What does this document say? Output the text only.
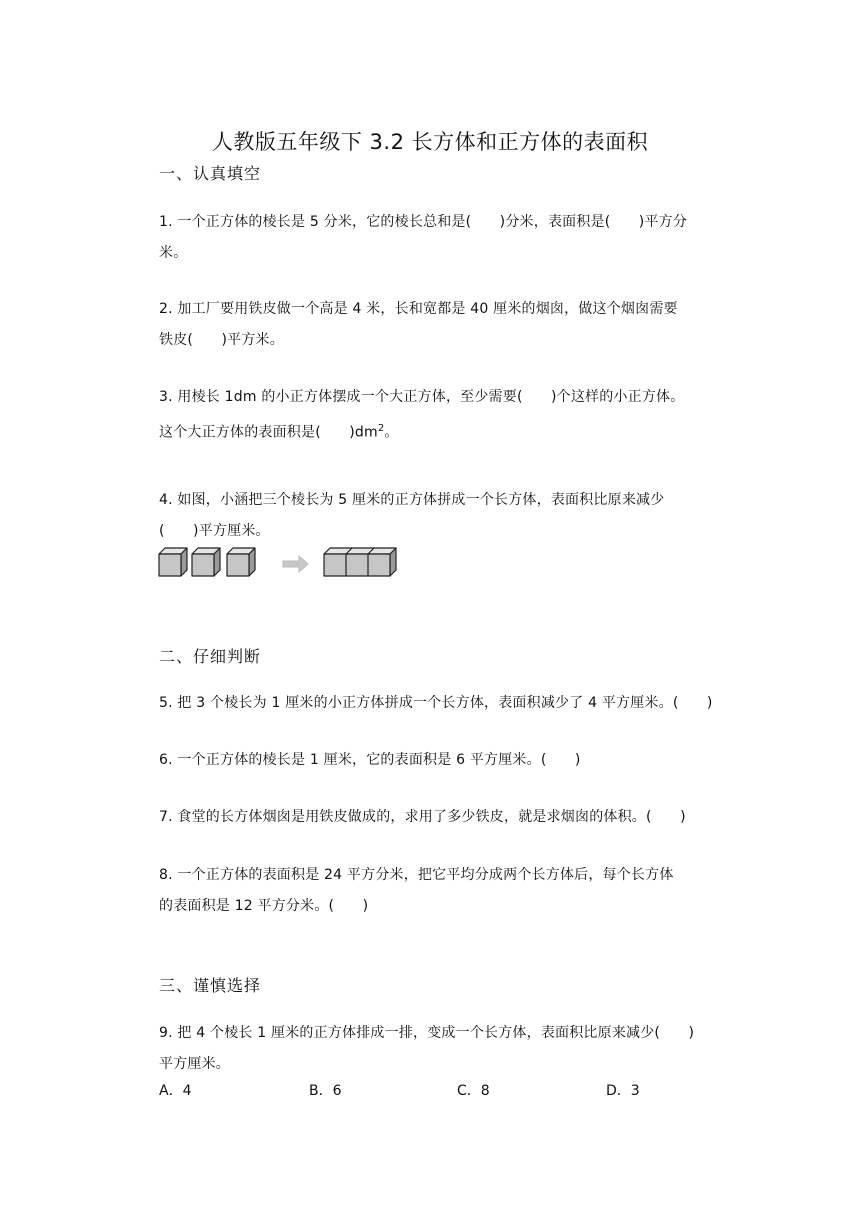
人教版五年级下 3.2 长方体和正方体的表面积
一、认真填空
1. 一个正方体的棱长是 5 分米，它的棱长总和是(　　)分米，表面积是(　　)平方分
米。
2. 加工厂要用铁皮做一个高是 4 米，长和宽都是 40 厘米的烟囱，做这个烟囱需要
铁皮(　　)平方米。
3. 用棱长 1dm 的小正方体摆成一个大正方体，至少需要(　　)个这样的小正方体。
这个大正方体的表面积是(　　)$dm^2$。
4. 如图，小涵把三个棱长为 5 厘米的正方体拼成一个长方体，表面积比原来减少
(　　)平方厘米。
二、仔细判断
5. 把 3 个棱长为 1 厘米的小正方体拼成一个长方体，表面积减少了 4 平方厘米。(　　)
6. 一个正方体的棱长是 1 厘米，它的表面积是 6 平方厘米。(　　)
7. 食堂的长方体烟囱是用铁皮做成的，求用了多少铁皮，就是求烟囱的体积。(　　)
8. 一个正方体的表面积是 24 平方分米，把它平均分成两个长方体后，每个长方体
的表面积是 12 平方分米。(　　)
三、谨慎选择
9. 把 4 个棱长 1 厘米的正方体排成一排，变成一个长方体，表面积比原来减少(　　)
平方厘米。
A．4	B．6	C．8	D．3
